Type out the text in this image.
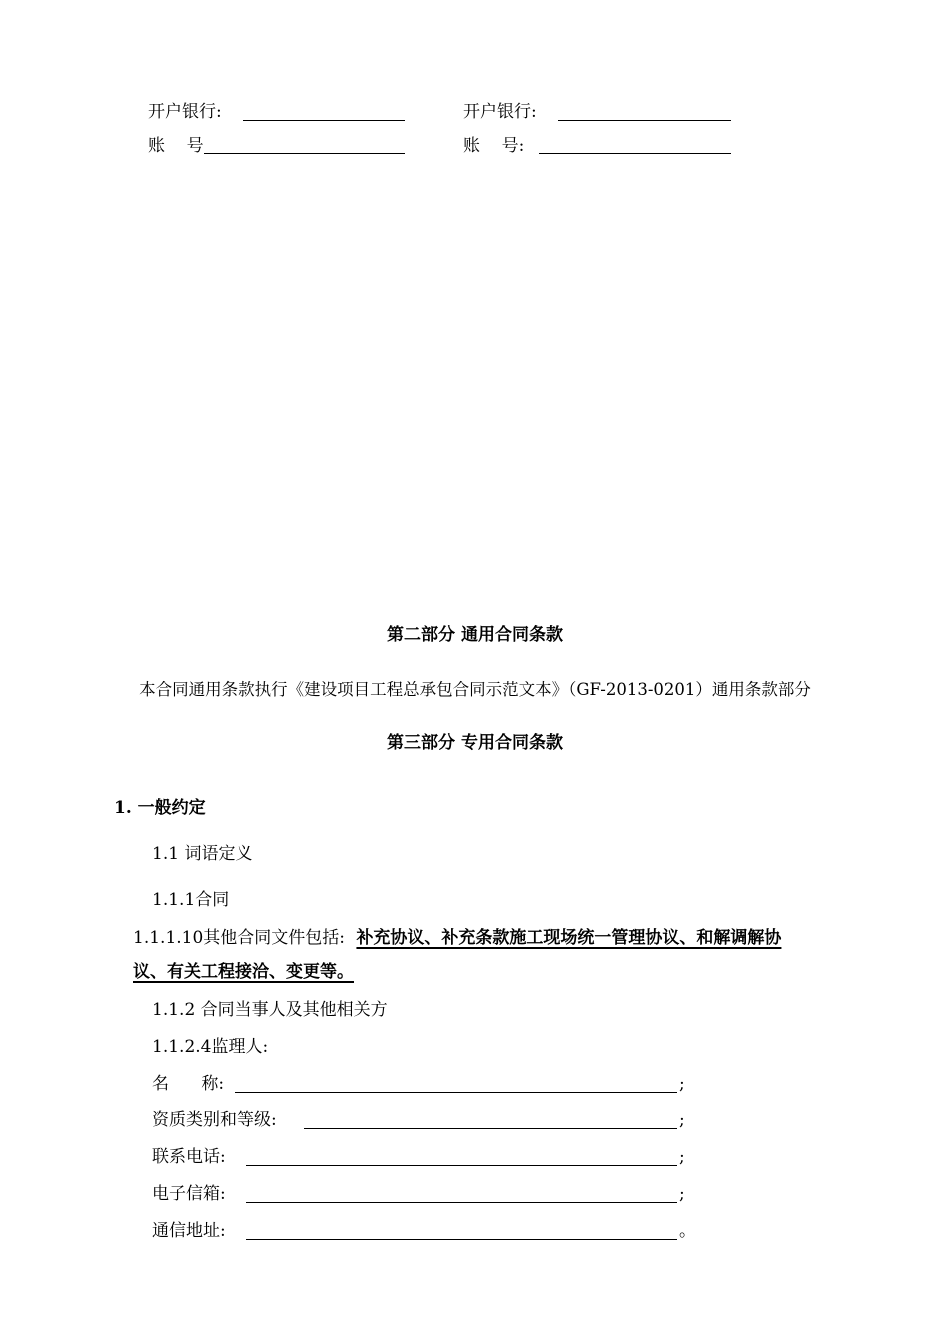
开户银行:	开户银行:
账    号	账    号:
第二部分 通用合同条款
本合同通用条款执行《建设项目工程总承包合同示范文本》（GF-2013-0201）通用条款部分
第三部分 专用合同条款
1. 一般约定
1.1 词语定义
1.1.1合同
1.1.1.10其他合同文件包括: 补充协议、补充条款施工现场统一管理协议、和解调解协
议、有关工程接洽、变更等。
1.1.2 合同当事人及其他相关方
1.1.2.4监理人:
名      称:	;
资质类别和等级:	;
联系电话:	;
电子信箱:	;
通信地址:	。
